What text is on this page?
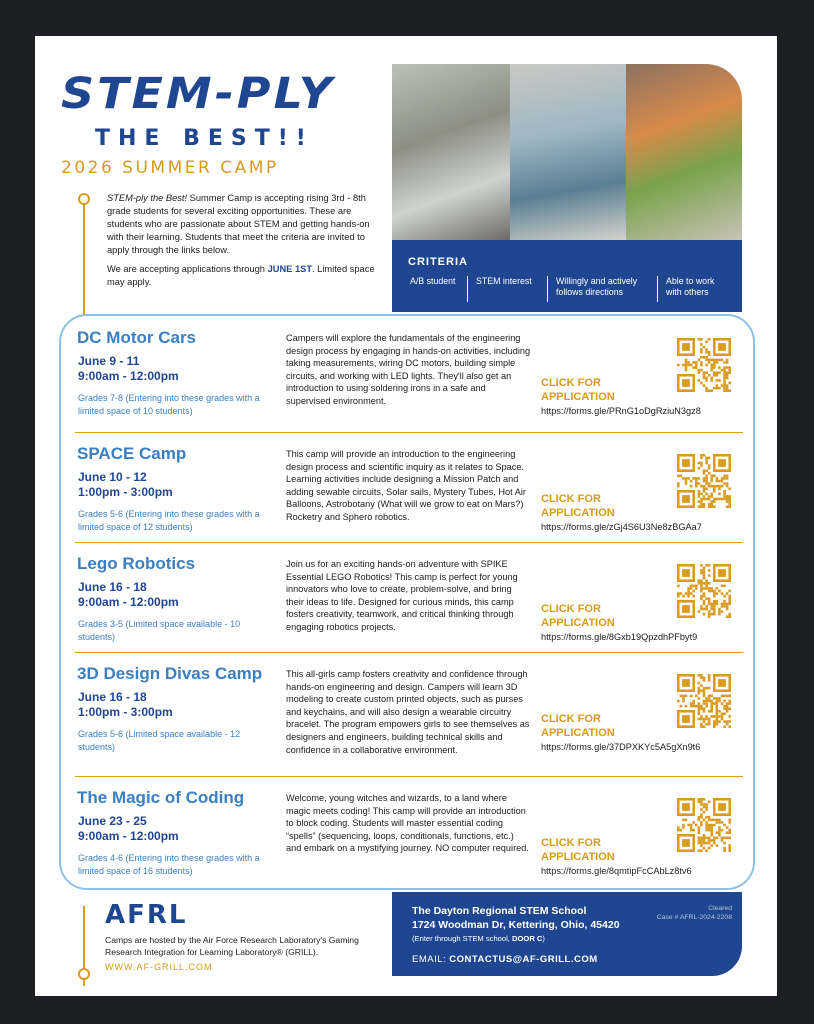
STEM-PLY
THE BEST!!
2026 SUMMER CAMP

STEM-ply the Best! Summer Camp is accepting rising 3rd - 8th grade students for several exciting opportunities. These are students who are passionate about STEM and getting hands-on with their learning. Students that meet the criteria are invited to apply through the links below.

We are accepting applications through JUNE 1ST. Limited space may apply.

CRITERIA
A/B student	STEM interest	Willingly and actively follows directions
Able to work with others
DC Motor Cars
June 9 - 11
9:00am - 12:00pm
Grades 7-8 (Entering into these grades with a limited space of 10 students)
Campers will explore the fundamentals of the engineering design process by engaging in hands-on activities, including taking measurements, wiring DC motors, building simple circuits, and working with LED lights. They'll also get an introduction to using soldering irons in a safe and supervised environment.
CLICK FOR
APPLICATION
https://forms.gle/PRnG1oDgRziuN3gz8
SPACE Camp
June 10 - 12
1:00pm - 3:00pm
Grades 5-6 (Entering into these grades with a limited space of 12 students)
This camp will provide an introduction to the engineering design process and scientific inquiry as it relates to Space. Learning activities include designing a Mission Patch and adding sewable circuits, Solar sails, Mystery Tubes, Hot Air Balloons, Astrobotany (What will we grow to eat on Mars?) Rocketry and Sphero robotics.
CLICK FOR
APPLICATION
https://forms.gle/zGj4S6U3Ne8zBGAa7
Lego Robotics
June 16 - 18
9:00am - 12:00pm
Grades 3-5 (Limited space available - 10 students)
Join us for an exciting hands-on adventure with SPIKE Essential LEGO Robotics! This camp is perfect for young innovators who love to create, problem-solve, and bring their ideas to life. Designed for curious minds, this camp fosters creativity, teamwork, and critical thinking through engaging robotics projects.
CLICK FOR
APPLICATION
https://forms.gle/8Gxb19QpzdhPFbyt9
3D Design Divas Camp
June 16 - 18
1:00pm - 3:00pm
Grades 5-6 (Limited space available - 12 students)
This all-girls camp fosters creativity and confidence through hands-on engineering and design. Campers will learn 3D modeling to create custom printed objects, such as purses and keychains, and will also design a wearable circuitry bracelet. The program empowers girls to see themselves as designers and engineers, building technical skills and confidence in a collaborative environment.
CLICK FOR
APPLICATION
https://forms.gle/37DPXKYc5A5gXn9t6
The Magic of Coding
June 23 - 25
9:00am - 12:00pm
Grades 4-6 (Entering into these grades with a limited space of 16 students)
Welcome, young witches and wizards, to a land where magic meets coding! This camp will provide an introduction to block coding. Students will master essential coding “spells” (sequencing, loops, conditionals, functions, etc.) and embark on a mystifying journey. NO computer required. CLICK FOR
APPLICATION
https://forms.gle/8qmtipFcCAbLz8tv6
AFRL
Camps are hosted by the Air Force Research Laboratory's Gaming Research Integration for Learning Laboratory® (GRILL).
WWW.AF-GRILL.COM
The Dayton Regional STEM School
1724 Woodman Dr, Kettering, Ohio, 45420
(Enter through STEM school, DOOR C)
EMAIL: CONTACTUS@AF-GRILL.COM
Cleared
Case # AFRL-2024-2208
